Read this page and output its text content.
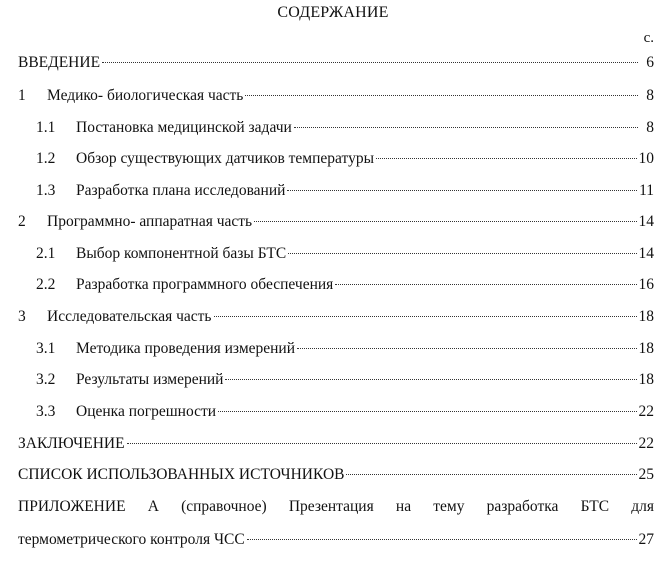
СОДЕРЖАНИЕ
с.
ВВЕДЕНИЕ	6
1	Медико- биологическая часть	8
1.1	Постановка медицинской задачи	8
1.2	Обзор существующих датчиков температуры	10
1.3	Разработка плана исследований	11
2	Программно- аппаратная часть	14
2.1	Выбор компонентной базы БТС	14
2.2	Разработка программного обеспечения	16
3	Исследовательская часть	18
3.1	Методика проведения измерений	18
3.2	Результаты измерений	18
3.3	Оценка погрешности	22
ЗАКЛЮЧЕНИЕ	22
СПИСОК ИСПОЛЬЗОВАННЫХ ИСТОЧНИКОВ	25
ПРИЛОЖЕНИЕ А (справочное) Презентация на тему разработка БТС для
термометрического контроля ЧСС	27
